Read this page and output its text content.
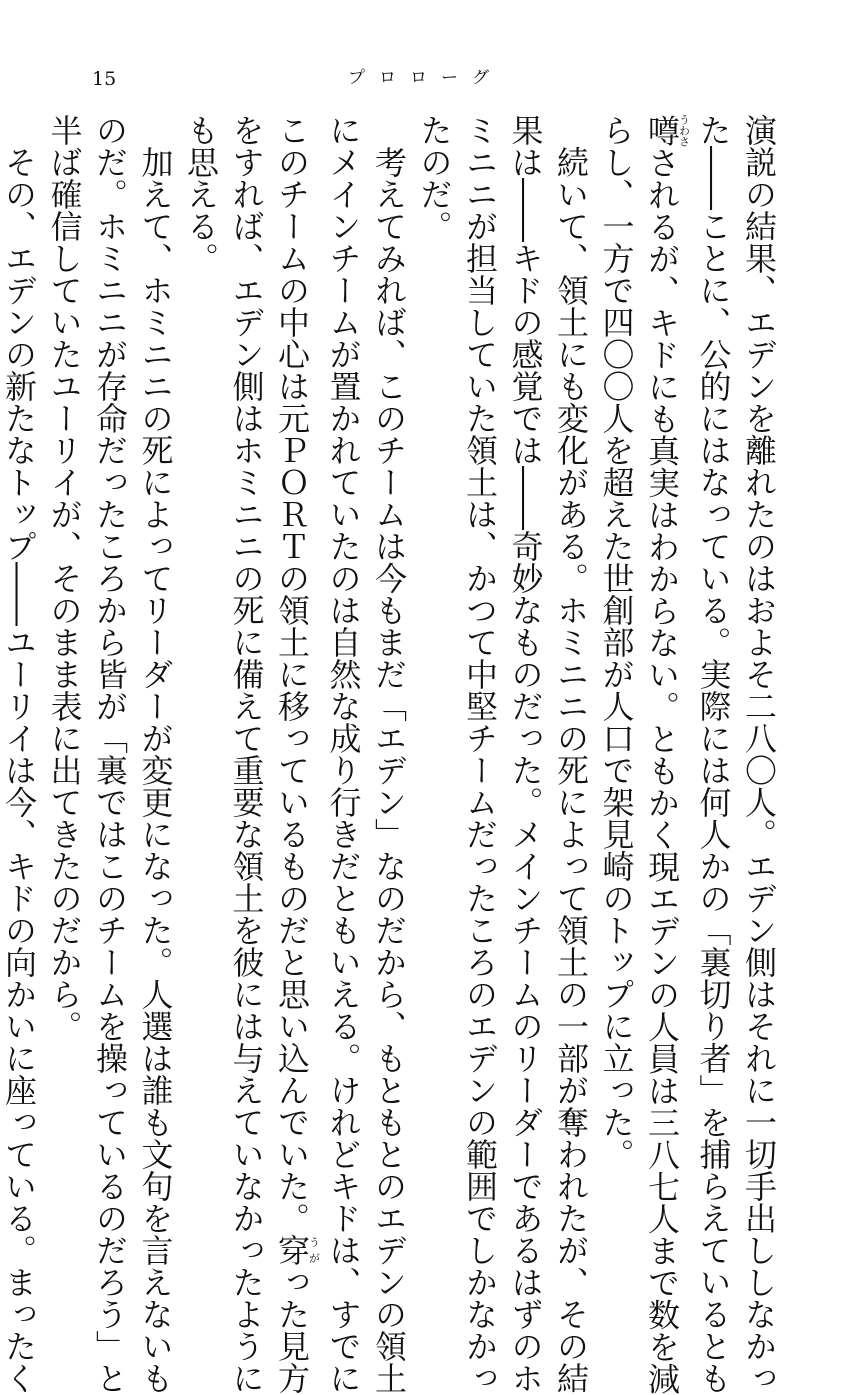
15	プロローグ

演説の結果、エデンを離れたのはおよそ二八〇人。エデン側はそれに一切手出ししなかっ

た――ことに、公的にはなっている。実際には何人かの「裏切り者」を捕らえているとも

噂うわさされるが、キドにも真実はわからない。ともかく現エデンの人員は三八七人まで数を減

らし、一方で四〇〇人を超えた世創部が人口で架見崎のトップに立った。

　続いて、領土にも変化がある。ホミニニの死によって領土の一部が奪われたが、その結

果は――キドの感覚では――奇妙なものだった。メインチームのリーダーであるはずのホ

ミニニが担当していた領土は、かつて中堅チームだったころのエデンの範囲でしかなかっ

たのだ。

　考えてみれば、このチームは今もまだ「エデン」なのだから、もともとのエデンの領土

にメインチームが置かれていたのは自然な成り行きだともいえる。けれどキドは、すでに

このチームの中心は元ＰＯＲＴの領土に移っているものだと思い込んでいた。穿うがった見方

をすれば、エデン側はホミニニの死に備えて重要な領土を彼には与えていなかったように

も思える。

　加えて、ホミニニの死によってリーダーが変更になった。人選は誰も文句を言えないも

のだ。ホミニニが存命だったころから皆が「裏ではこのチームを操っているのだろう」と

半ば確信していたユーリイが、そのまま表に出てきたのだから。

　その、エデンの新たなトップ――ユーリイは今、キドの向かいに座っている。まったく
